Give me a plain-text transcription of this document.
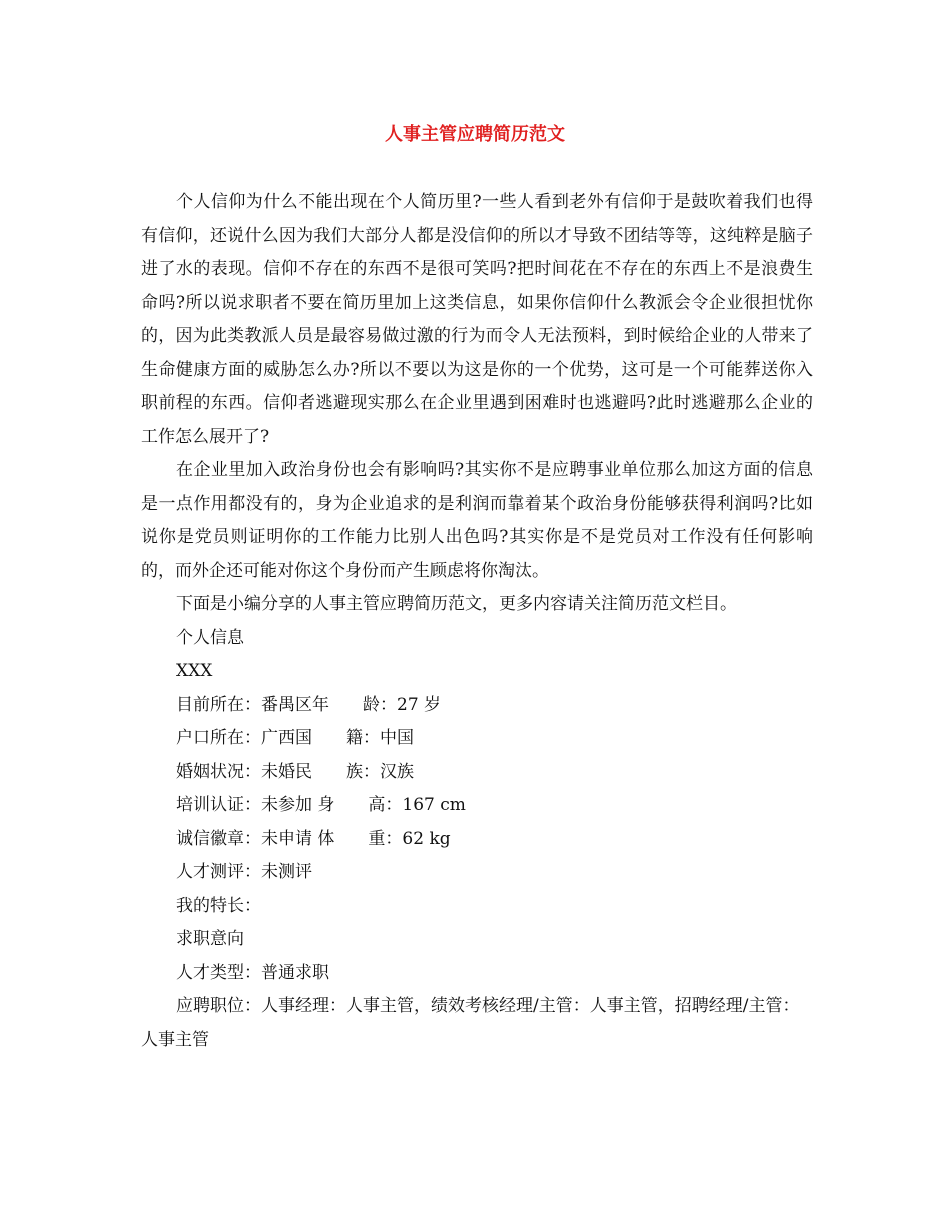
人事主管应聘简历范文

个人信仰为什么不能出现在个人简历里?一些人看到老外有信仰于是鼓吹着我们也得有信仰，还说什么因为我们大部分人都是没信仰的所以才导致不团结等等，这纯粹是脑子进了水的表现。信仰不存在的东西不是很可笑吗?把时间花在不存在的东西上不是浪费生命吗?所以说求职者不要在简历里加上这类信息，如果你信仰什么教派会令企业很担忧你的，因为此类教派人员是最容易做过激的行为而令人无法预料，到时候给企业的人带来了生命健康方面的威胁怎么办?所以不要以为这是你的一个优势，这可是一个可能葬送你入职前程的东西。信仰者逃避现实那么在企业里遇到困难时也逃避吗?此时逃避那么企业的工作怎么展开了?

在企业里加入政治身份也会有影响吗?其实你不是应聘事业单位那么加这方面的信息是一点作用都没有的，身为企业追求的是利润而靠着某个政治身份能够获得利润吗?比如说你是党员则证明你的工作能力比别人出色吗?其实你是不是党员对工作没有任何影响的，而外企还可能对你这个身份而产生顾虑将你淘汰。

下面是小编分享的人事主管应聘简历范文，更多内容请关注简历范文栏目。

个人信息

XXX

目前所在：番禺区年　　龄：27 岁

户口所在：广西国　　籍：中国

婚姻状况：未婚民　　族：汉族

培训认证：未参加 身　　高：167 cm

诚信徽章：未申请 体　　重：62 kg

人才测评：未测评

我的特长：

求职意向

人才类型：普通求职

应聘职位：人事经理：人事主管，绩效考核经理/主管：人事主管，招聘经理/主管：人事主管
